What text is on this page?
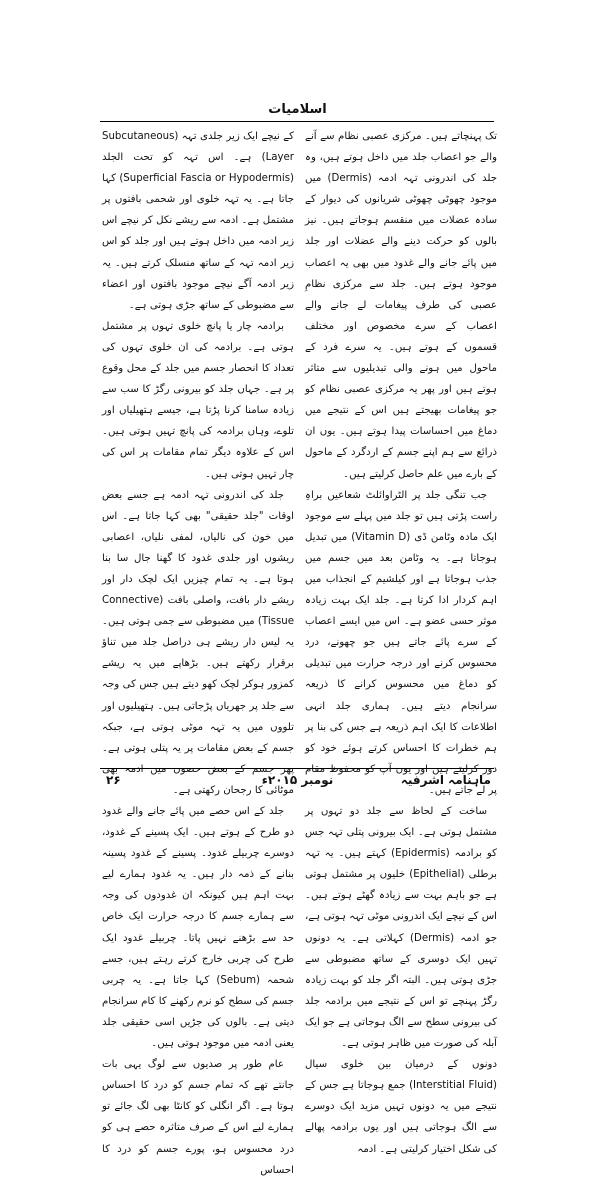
اسلامیات

تک پہنچاتے ہیں۔ مرکزی عصبی نظام سے آنے والے جو اعصاب جلد میں داخل ہوتے ہیں، وہ جلد کی اندرونی تہہ ادمہ (Dermis) میں موجود چھوٹی چھوٹی شریانوں کی دیوار کے سادہ عضلات میں منقسم ہوجاتے ہیں۔ نیز بالوں کو حرکت دینے والے عضلات اور جلد میں پائے جانے والے غدود میں بھی یہ اعصاب موجود ہوتے ہیں۔ جلد سے مرکزی نظامِ عصبی کی طرف پیغامات لے جانے والے اعصاب کے سرے مخصوص اور مختلف قسموں کے ہوتے ہیں۔ یہ سرے فرد کے ماحول میں ہونے والی تبدیلیوں سے متاثر ہوتے ہیں اور پھر یہ مرکزی عصبی نظام کو جو پیغامات بھیجتے ہیں اس کے نتیجے میں دماغ میں احساسات پیدا ہوتے ہیں۔ یوں ان ذرائع سے ہم اپنے جسم کے اردگرد کے ماحول کے بارے میں علم حاصل کرلیتے ہیں۔

جب تنگی جلد پر الٹراوائلٹ شعاعیں براہِ راست پڑتی ہیں تو جلد میں پہلے سے موجود ایک مادہ وٹامن ڈی (Vitamin D) میں تبدیل ہوجاتا ہے۔ یہ وٹامن بعد میں جسم میں جذب ہوجاتا ہے اور کیلشیم کے انجذاب میں اہم کردار ادا کرتا ہے۔ جلد ایک بہت زیادہ موثر حسی عضو ہے۔ اس میں ایسے اعصاب کے سرے پائے جاتے ہیں جو چھونے، درد محسوس کرنے اور درجہ حرارت میں تبدیلی کو دماغ میں محسوس کرانے کا ذریعہ سرانجام دیتے ہیں۔ ہماری جلد انہی اطلاعات کا ایک اہم ذریعہ ہے جس کی بنا پر ہم خطرات کا احساس کرتے ہوئے خود کو دور کرلیتے ہیں اور یوں آپ کو محفوظ مقام پر لے جاتے ہیں۔

ساخت کے لحاظ سے جلد دو تہوں پر مشتمل ہوتی ہے۔ ایک بیرونی پتلی تہہ جس کو برادمہ (Epidermis) کہتے ہیں۔ یہ تہہ برطلی (Epithelial) خلیوں پر مشتمل ہوتی ہے جو باہم بہت سے زیادہ گھٹے ہوتے ہیں۔ اس کے نیچے ایک اندرونی موٹی تہہ ہوتی ہے، جو ادمہ (Dermis) کہلاتی ہے۔ یہ دونوں تہیں ایک دوسری کے ساتھ مضبوطی سے جڑی ہوتی ہیں۔ البتہ اگر جلد کو بہت زیادہ رگڑ پہنچے تو اس کے نتیجے میں برادمہ جلد کی بیرونی سطح سے الگ ہوجاتی ہے جو ایک آبلہ کی صورت میں ظاہر ہوتی ہے۔

دونوں کے درمیان بین خلوی سیال (Interstitial Fluid) جمع ہوجاتا ہے جس کے نتیجے میں یہ دونوں تہیں مزید ایک دوسرے سے الگ ہوجاتی ہیں اور یوں برادمہ پھالے کی شکل اختیار کرلیتی ہے۔ ادمہ

کے نیچے ایک زیر جلدی تہہ (Subcutaneous Layer) ہے۔ اس تہہ کو تحت الجلد (Superficial Fascia or Hypodermis) کہا جاتا ہے۔ یہ تہہ خلوی اور شحمی بافتوں پر مشتمل ہے۔ ادمہ سے ریشے نکل کر نیچے اس زیر ادمہ میں داخل ہوتے ہیں اور جلد کو اس زیر ادمہ تہہ کے ساتھ منسلک کرتے ہیں۔ یہ زیر ادمہ آگے نیچے موجود بافتوں اور اعضاء سے مضبوطی کے ساتھ جڑی ہوتی ہے۔

برادمہ چار یا پانچ خلوی تہوں پر مشتمل ہوتی ہے۔ برادمہ کی ان خلوی تہوں کی تعداد کا انحصار جسم میں جلد کے محل وقوع پر ہے۔ جہاں جلد کو بیرونی رگڑ کا سب سے زیادہ سامنا کرنا پڑتا ہے، جیسے ہتھیلیاں اور تلوے، وہاں برادمہ کی پانچ تہیں ہوتی ہیں۔ اس کے علاوہ دیگر تمام مقامات پر اس کی چار تہیں ہوتی ہیں۔

جلد کی اندرونی تہہ ادمہ ہے جسے بعض اوقات "جلد حقیقی" بھی کہا جاتا ہے۔ اس میں خون کی نالیاں، لمفی نلیاں، اعصابی ریشوں اور جلدی غدود کا گھنا جال سا بنا ہوتا ہے۔ یہ تمام چیزیں ایک لچک دار اور ریشے دار بافت، واصلی بافت (Connective Tissue) میں مضبوطی سے جمی ہوتی ہیں۔ یہ لیس دار ریشے ہی دراصل جلد میں تناؤ برقرار رکھتے ہیں۔ بڑھاپے میں یہ ریشے کمزور ہوکر لچک کھو دیتے ہیں جس کی وجہ سے جلد پر جھریاں پڑجاتی ہیں۔ ہتھیلیوں اور تلووں میں یہ تہہ موٹی ہوتی ہے، جبکہ جسم کے بعض مقامات پر یہ پتلی ہوتی ہے۔ پھر جسم کے بعض حصوں میں ادمہ بھی موٹائی کا رجحان رکھتی ہے۔

جلد کے اس حصے میں پائے جانے والے غدود دو طرح کے ہوتے ہیں۔ ایک پسینے کے غدود، دوسرے چربیلے غدود۔ پسینے کے غدود پسینہ بنانے کے ذمہ دار ہیں۔ یہ غدود ہمارے لیے بہت اہم ہیں کیونکہ ان غدودوں کی وجہ سے ہمارے جسم کا درجہ حرارت ایک خاص حد سے بڑھنے نہیں پاتا۔ چربیلے غدود ایک طرح کی چربی خارج کرتے رہتے ہیں، جسے شحمہ (Sebum) کہا جاتا ہے۔ یہ چربی جسم کی سطح کو نرم رکھنے کا کام سرانجام دیتی ہے۔ بالوں کی جڑیں اسی حقیقی جلد یعنی ادمہ میں موجود ہوتی ہیں۔

عام طور پر صدیوں سے لوگ یہی بات جانتے تھے کہ تمام جسم کو درد کا احساس ہوتا ہے۔ اگر انگلی کو کانٹا بھی لگ جائے تو ہمارے لیے اس کے صرف متاثرہ حصے ہی کو درد محسوس ہو، پورے جسم کو درد کا احساس

ماہنامہ اشرفیہ
نومبر ۲۰۱۵ء
۲۶
